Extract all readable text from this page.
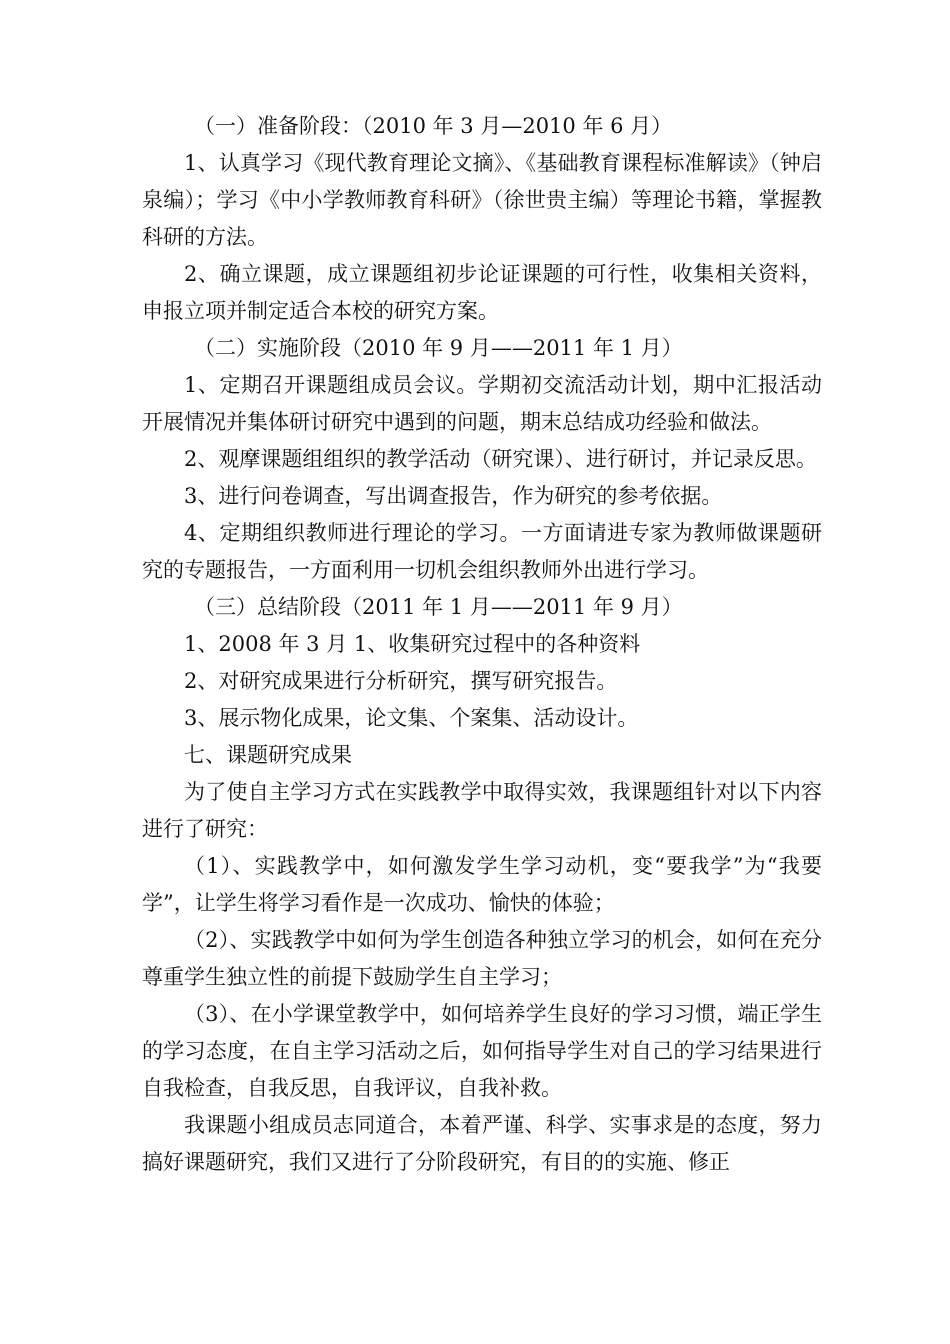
（一）准备阶段：（2010 年 3 月—2010 年 6 月）

1、认真学习《现代教育理论文摘》、《基础教育课程标准解读》（钟启泉编）；学习《中小学教师教育科研》（徐世贵主编）等理论书籍，掌握教科研的方法。

2、确立课题，成立课题组初步论证课题的可行性，收集相关资料，申报立项并制定适合本校的研究方案。

（二）实施阶段（2010 年 9 月——2011 年 1 月）

1、定期召开课题组成员会议。学期初交流活动计划，期中汇报活动开展情况并集体研讨研究中遇到的问题，期末总结成功经验和做法。

2、观摩课题组组织的教学活动（研究课）、进行研讨，并记录反思。

3、进行问卷调查，写出调查报告，作为研究的参考依据。

4、定期组织教师进行理论的学习。一方面请进专家为教师做课题研究的专题报告，一方面利用一切机会组织教师外出进行学习。

（三）总结阶段（2011 年 1 月——2011 年 9 月）

1、2008 年 3 月 1、收集研究过程中的各种资料

2、对研究成果进行分析研究，撰写研究报告。

3、展示物化成果，论文集、个案集、活动设计。

七、课题研究成果

为了使自主学习方式在实践教学中取得实效，我课题组针对以下内容进行了研究：

（1）、实践教学中，如何激发学生学习动机，变“要我学”为“我要学”，让学生将学习看作是一次成功、愉快的体验；

（2）、实践教学中如何为学生创造各种独立学习的机会，如何在充分尊重学生独立性的前提下鼓励学生自主学习；

（3）、在小学课堂教学中，如何培养学生良好的学习习惯，端正学生的学习态度，在自主学习活动之后，如何指导学生对自己的学习结果进行自我检查，自我反思，自我评议，自我补救。

我课题小组成员志同道合，本着严谨、科学、实事求是的态度，努力搞好课题研究，我们又进行了分阶段研究，有目的的实施、修正
